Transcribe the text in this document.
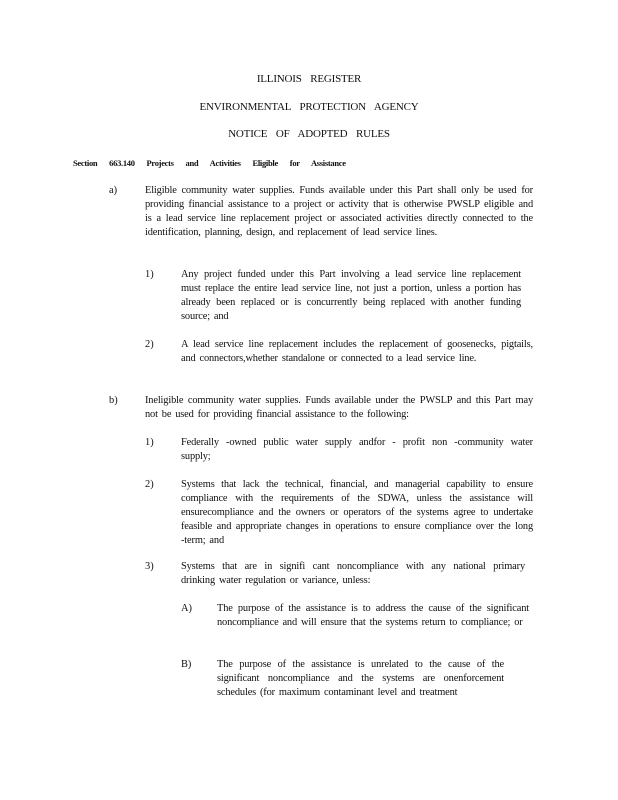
ILLINOIS REGISTER
ENVIRONMENTAL PROTECTION AGENCY
NOTICE OF ADOPTED RULES
Section 663.140 Projects and Activities Eligible for Assistance
a)	Eligible community water supplies. Funds available under this Part shall only be used for providing financial assistance to a project or activity that is otherwise PWSLP eligible and is a lead service line replacement project or associated activities directly connected to the identification, planning, design, and replacement of lead service lines.
1)	Any project funded under this Part involving a lead service line replacement must replace the entire lead service line, not just a portion, unless a portion has already been replaced or is concurrently being replaced with another funding source; and
2)	A lead service line replacement includes the replacement of goosenecks, pigtails, and connectors,whether standalone or connected to a lead service line.
b)	Ineligible community water supplies. Funds available under the PWSLP and this Part may not be used for providing financial assistance to the following:
1)	Federally -owned public water supply andfor - profit non -community water supply;
2)	Systems that lack the technical, financial, and managerial capability to ensure compliance with the requirements of the SDWA, unless the assistance will ensurecompliance and the owners or operators of the systems agree to undertake feasible and appropriate changes in operations to ensure compliance over the long -term; and
3)	Systems that are in signifi cant noncompliance with any national primary drinking water regulation or variance, unless:
A) The purpose of the assistance is to address the cause of the significant noncompliance and will ensure that the systems return to compliance; or
B) The purpose of the assistance is unrelated to the cause of the significant noncompliance and the systems are onenforcement schedules (for maximum contaminant level and treatment
